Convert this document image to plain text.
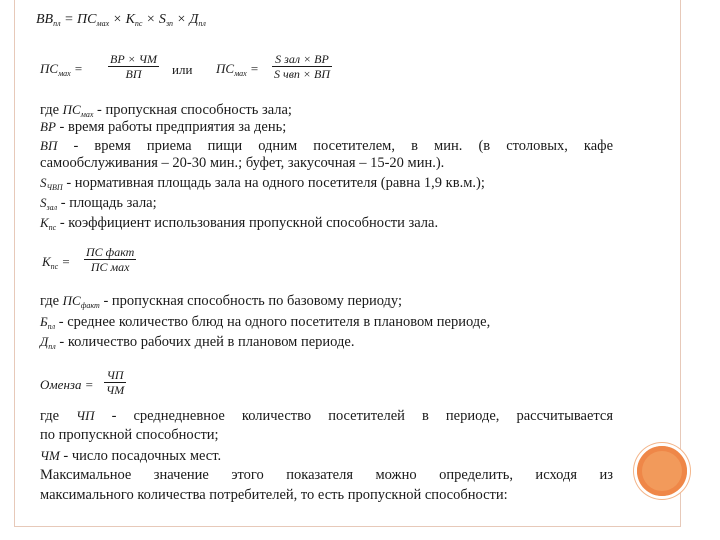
$ВВ_{пл} = ПС_{мах} \times К_{пс} \times S_{зп} \times Д_{пл}$
$ПС_{мах}$ =
ВР × ЧМ
ВП	или $ПС_{мах}$ =
S зал × ВР
S чвп × ВП
где $ПС_{мах}$ - пропускная способность зала;
ВР - время работы предприятия за день;
ВП - время приема пищи одним посетителем, в мин. (в столовых, кафе
самообслуживания – 20-30 мин.; буфет, закусочная – 15-20 мин.).
$S_{ЧВП}$ - нормативная площадь зала на одного посетителя (равна 1,9 кв.м.);
$S_{зал}$ - площадь зала;
$К_{пс}$ - коэффициент использования пропускной способности зала.
$К_{пс}$ =
ПС факт
ПС мах
где $ПС_{факт}$ - пропускная способность по базовому периоду;
$Б_{пл}$ - среднее количество блюд на одного посетителя в плановом периоде,
$Д_{пл}$ - количество рабочих дней в плановом периоде.
Оменза =
ЧП
ЧМ
где ЧП - среднедневное количество посетителей в периоде, рассчитывается
по пропускной способности;
ЧМ - число посадочных мест.
Максимальное значение этого показателя можно определить, исходя из
максимального количества потребителей, то есть пропускной способности:
